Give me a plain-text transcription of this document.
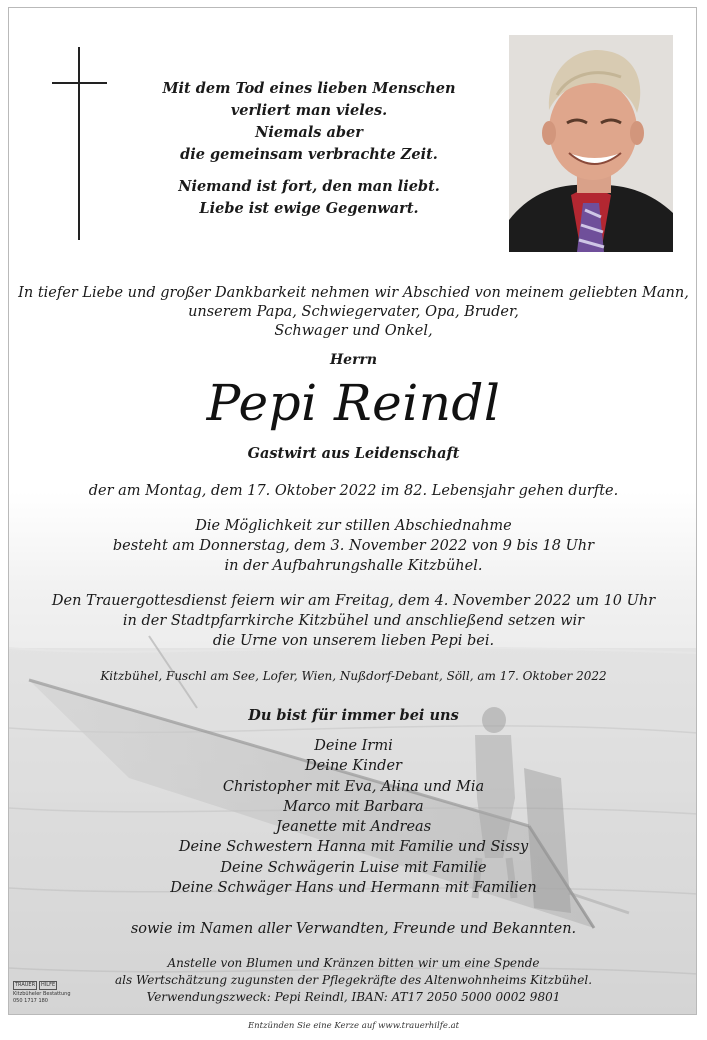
Mit dem Tod eines lieben Menschen

verliert man vieles.

Niemals aber

die gemeinsam verbrachte Zeit.

Niemand ist fort, den man liebt.

Liebe ist ewige Gegenwart.

In tiefer Liebe und großer Dankbarkeit nehmen wir Abschied von meinem geliebten Mann,

unserem Papa, Schwiegervater, Opa, Bruder,

Schwager und Onkel,

Herrn
Pepi Reindl
Gastwirt aus Leidenschaft

der am Montag, dem 17. Oktober 2022 im 82. Lebensjahr gehen durfte.

Die Möglichkeit zur stillen Abschiednahme

besteht am Donnerstag, dem 3. November 2022 von 9 bis 18 Uhr

in der Aufbahrungshalle Kitzbühel.

Den Trauergottesdienst feiern wir am Freitag, dem 4. November 2022 um 10 Uhr

in der Stadtpfarrkirche Kitzbühel und anschließend setzen wir

die Urne von unserem lieben Pepi bei.

Kitzbühel, Fuschl am See, Lofer, Wien, Nußdorf-Debant, Söll, am 17. Oktober 2022
Du bist für immer bei uns

Deine Irmi

Deine Kinder

Christopher mit Eva, Alina und Mia

Marco mit Barbara

Jeanette mit Andreas

Deine Schwestern Hanna mit Familie und Sissy

Deine Schwägerin Luise mit Familie

Deine Schwäger Hans und Hermann mit Familien

sowie im Namen aller Verwandten, Freunde und Bekannten.

Anstelle von Blumen und Kränzen bitten wir um eine Spende

als Wertschätzung zugunsten der Pflegekräfte des Altenwohnheims Kitzbühel.

Verwendungszweck: Pepi Reindl, IBAN: AT17 2050 5000 0002 9801

TRAUER	HILFE
Kitzbüheler Bestattung
050 1717 180
Entzünden Sie eine Kerze auf www.trauerhilfe.at
